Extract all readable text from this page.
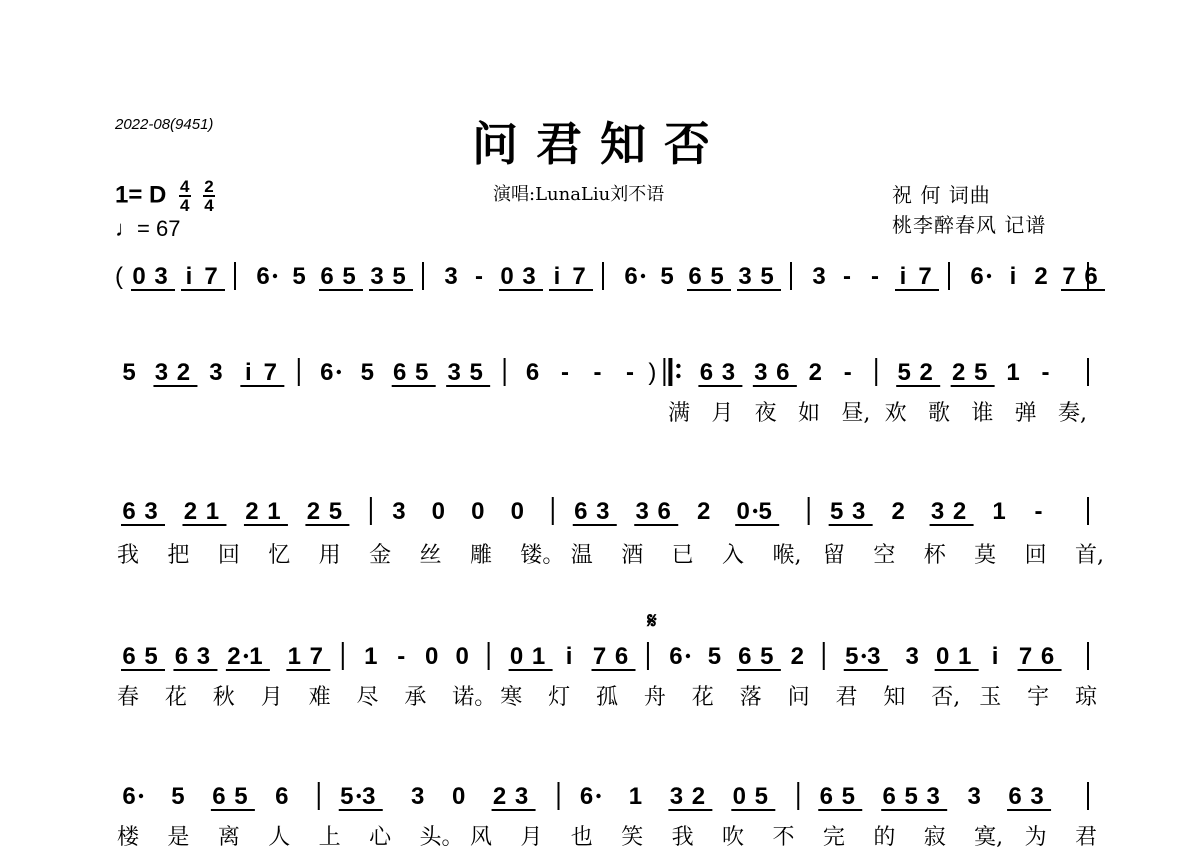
2022-08(9451)	问君知否
1= D $\frac{4}{4} \frac{2}{4}$
♩= 67
演唱:LunaLiu刘不语	祝 何 词曲
桃李醉春风 记谱
( 0 3 i 7 6 5 6 5 3 5 3 - 0 3 i 7 6 5 6 5 3 5 3 - - i 7 6 i 2 7 6
5 3 2 3 i 7 6 5 6 5 3 5 6 - - - ) 6 3 3 6 2 - 5 2 2 5 1 -
满 月 夜 如 昼, 欢 歌 谁 弹 奏,
6 3 2 1 2 1 2 5 3 0 0 0 6 3 3 6 2 0 5 5 3 2 3 2 1 -
我 把 回 忆 用 金 丝 雕 镂。 温 酒 已 入 喉, 留 空 杯 莫 回 首,
6 5 6 3 2 1 1 7 1 - 0 0 0 1 i 7 6 6 5 6 5 2 5 3 3 0 1 i 7 6
春 花 秋 月 难 尽 承 诺。 寒 灯 孤 舟 花 落 问 君 知 否, 玉 宇 琼
6 5 6 5 6 5 3 3 0 2 3 6 1 3 2 0 5 6 5 6 5 3 3 6 3
楼 是 离 人 上 心 头。 风 月 也 笑 我 吹 不 完 的 寂 寞, 为 君
𝄋
